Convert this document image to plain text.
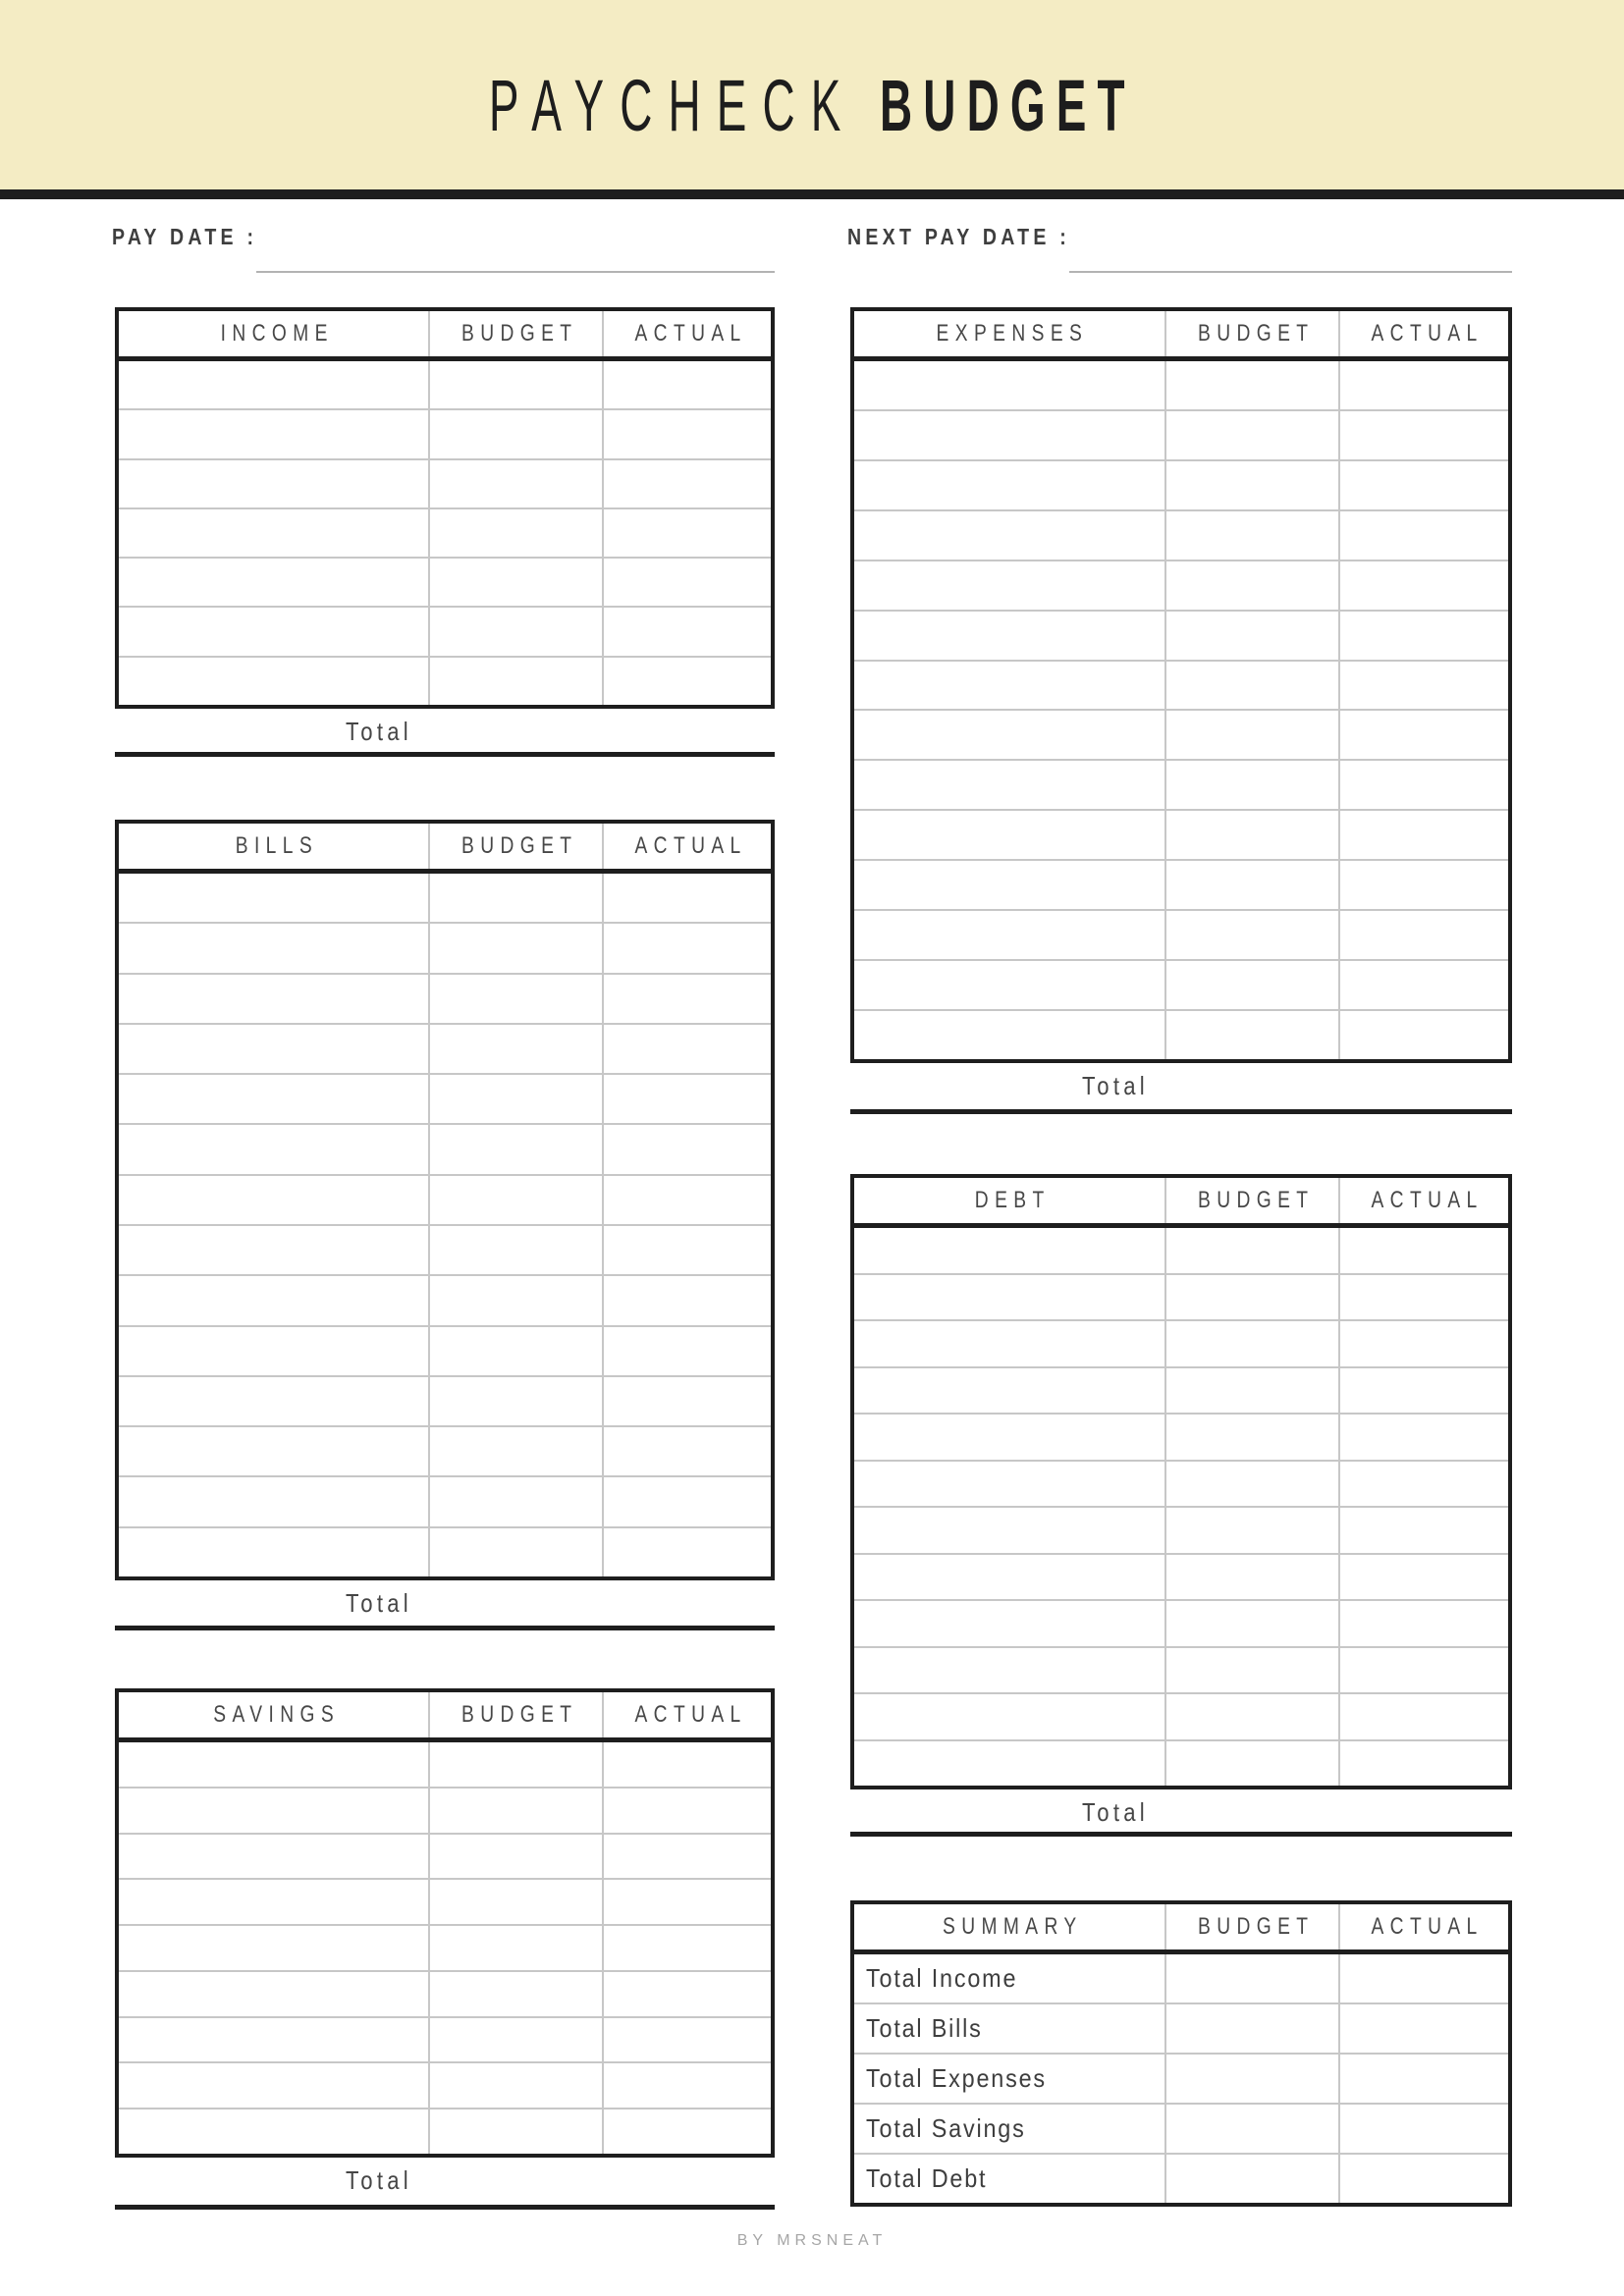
PAYCHECK BUDGET
PAY DATE :	NEXT PAY DATE :
INCOME	BUDGET ACTUAL
Total
BILLS	BUDGET ACTUAL
Total
SAVINGS	BUDGET ACTUAL
Total
EXPENSES	BUDGET ACTUAL
Total
DEBT	BUDGET ACTUAL
Total
SUMMARY	BUDGET ACTUAL
Total Income
Total Bills
Total Expenses
Total Savings
Total Debt
BY MRSNEAT
